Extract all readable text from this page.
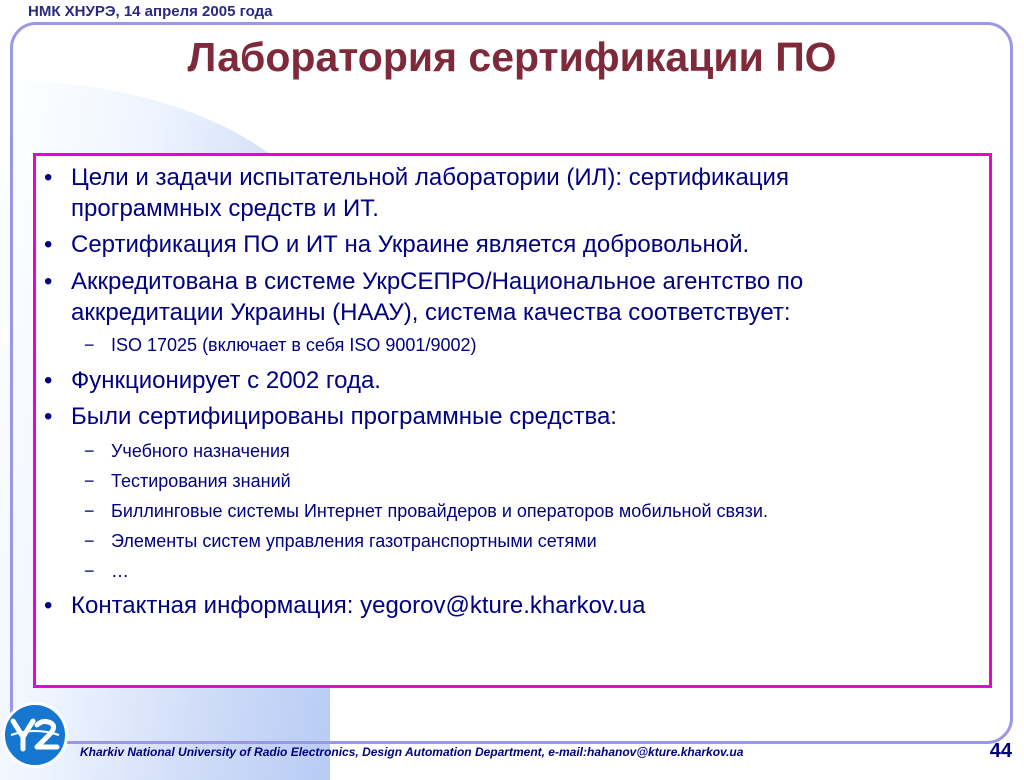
НМК ХНУРЭ, 14 апреля 2005 года
Лаборатория сертификации ПО
• Цели и задачи испытательной лаборатории (ИЛ): сертификация
программных средств и ИТ.
• Сертификация ПО и ИТ на Украине является добровольной.
• Аккредитована в системе УкрСЕПРО/Национальное агентство по
аккредитации Украины (НААУ), система качества соответствует:
− ISO 17025 (включает в себя ISO 9001/9002)
• Функционирует с 2002 года.
• Были сертифицированы программные средства:
− Учебного назначения
− Тестирования знаний
− Биллинговые системы Интернет провайдеров и операторов мобильной связи.
− Элементы систем управления газотранспортными сетями
− …
• Контактная информация: yegorov@kture.kharkov.ua
Kharkiv National University of Radio Electronics, Design Automation Department, e-mail:hahanov@kture.kharkov.ua	44
